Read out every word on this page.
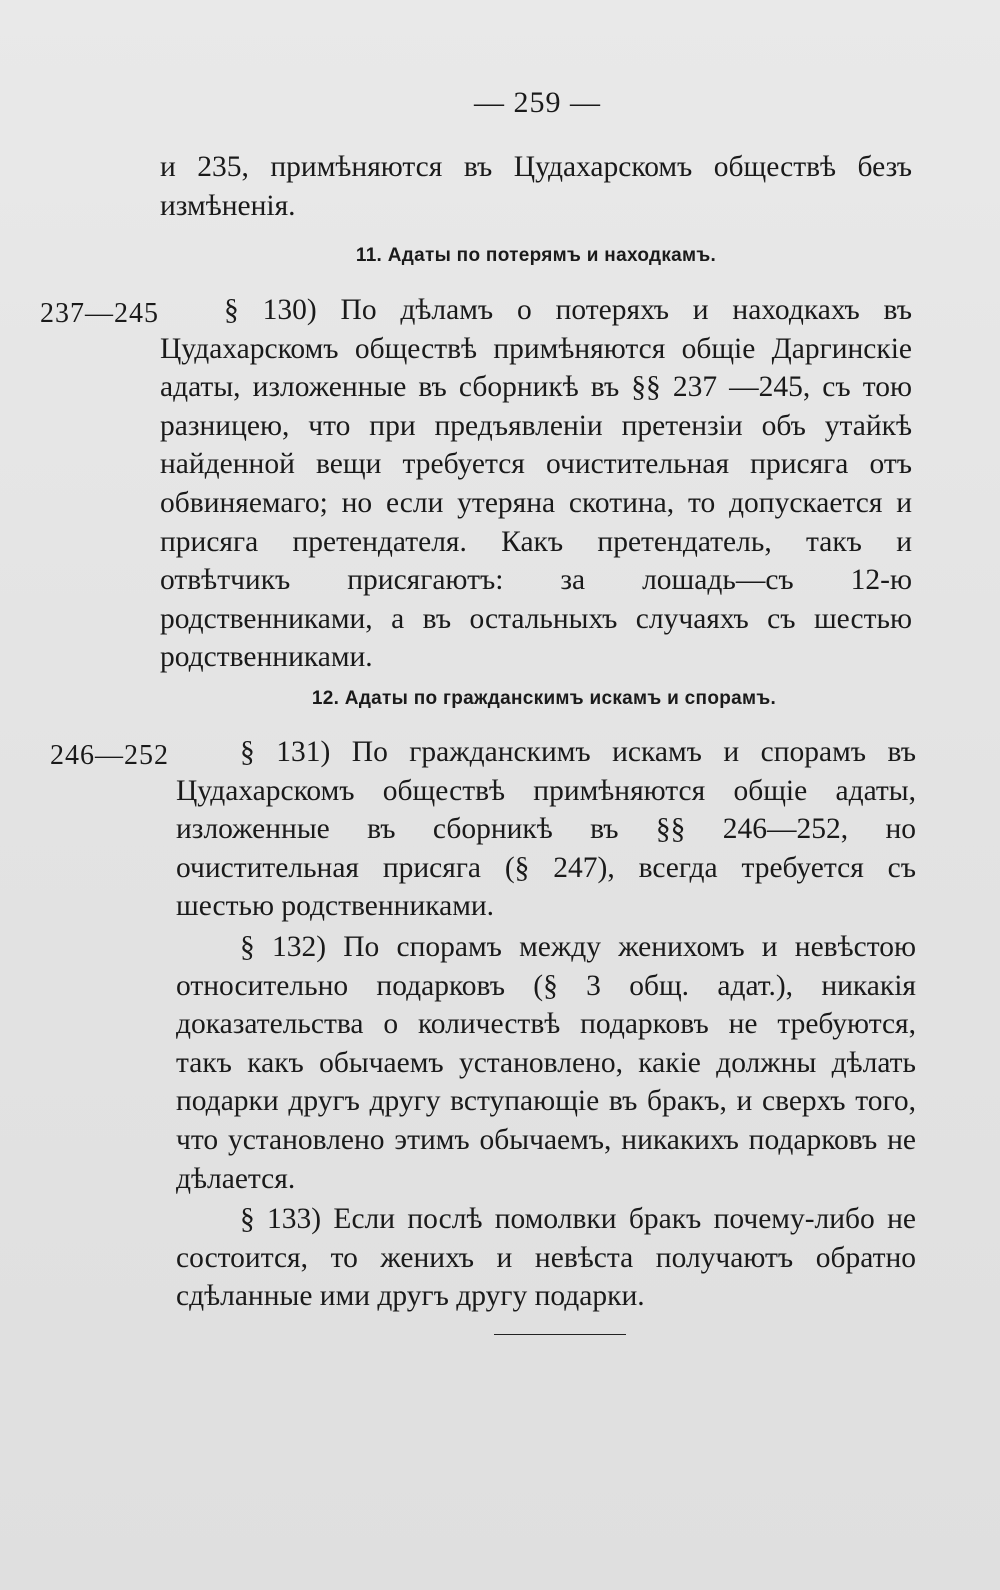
— 259 —
и 235, примѣняются въ Цудахарскомъ обществѣ безъ измѣненія.
11. Адаты по потерямъ и находкамъ.
237—245	§ 130) По дѣламъ о потеряхъ и находкахъ въ Цудахарскомъ обществѣ примѣняются общіе Даргинскіе адаты, изложенные въ сборникѣ въ §§ 237 —245, съ тою разницею, что при предъявленіи претензіи объ утайкѣ найденной вещи требуется очистительная присяга отъ обвиняемаго; но если утеряна скотина, то допускается и присяга претендателя. Какъ претендатель, такъ и отвѣтчикъ присягаютъ: за лошадь—съ 12-ю родственниками, а въ остальныхъ случаяхъ съ шестью родственниками.
12. Адаты по гражданскимъ искамъ и спорамъ.
246—252	§ 131) По гражданскимъ искамъ и спорамъ въ Цудахарскомъ обществѣ примѣняются общіе адаты, изложенные въ сборникѣ въ §§ 246—252, но очистительная присяга (§ 247), всегда требуется съ шестью родственниками.

§ 132) По спорамъ между женихомъ и невѣстою относительно подарковъ (§ 3 общ. адат.), никакія доказательства о количествѣ подарковъ не требуются, такъ какъ обычаемъ установлено, какіе должны дѣлать подарки другъ другу вступающіе въ бракъ, и сверхъ того, что установлено этимъ обычаемъ, никакихъ подарковъ не дѣлается.

§ 133) Если послѣ помолвки бракъ почему-либо не состоится, то женихъ и невѣста получаютъ обратно сдѣланные ими другъ другу подарки.
